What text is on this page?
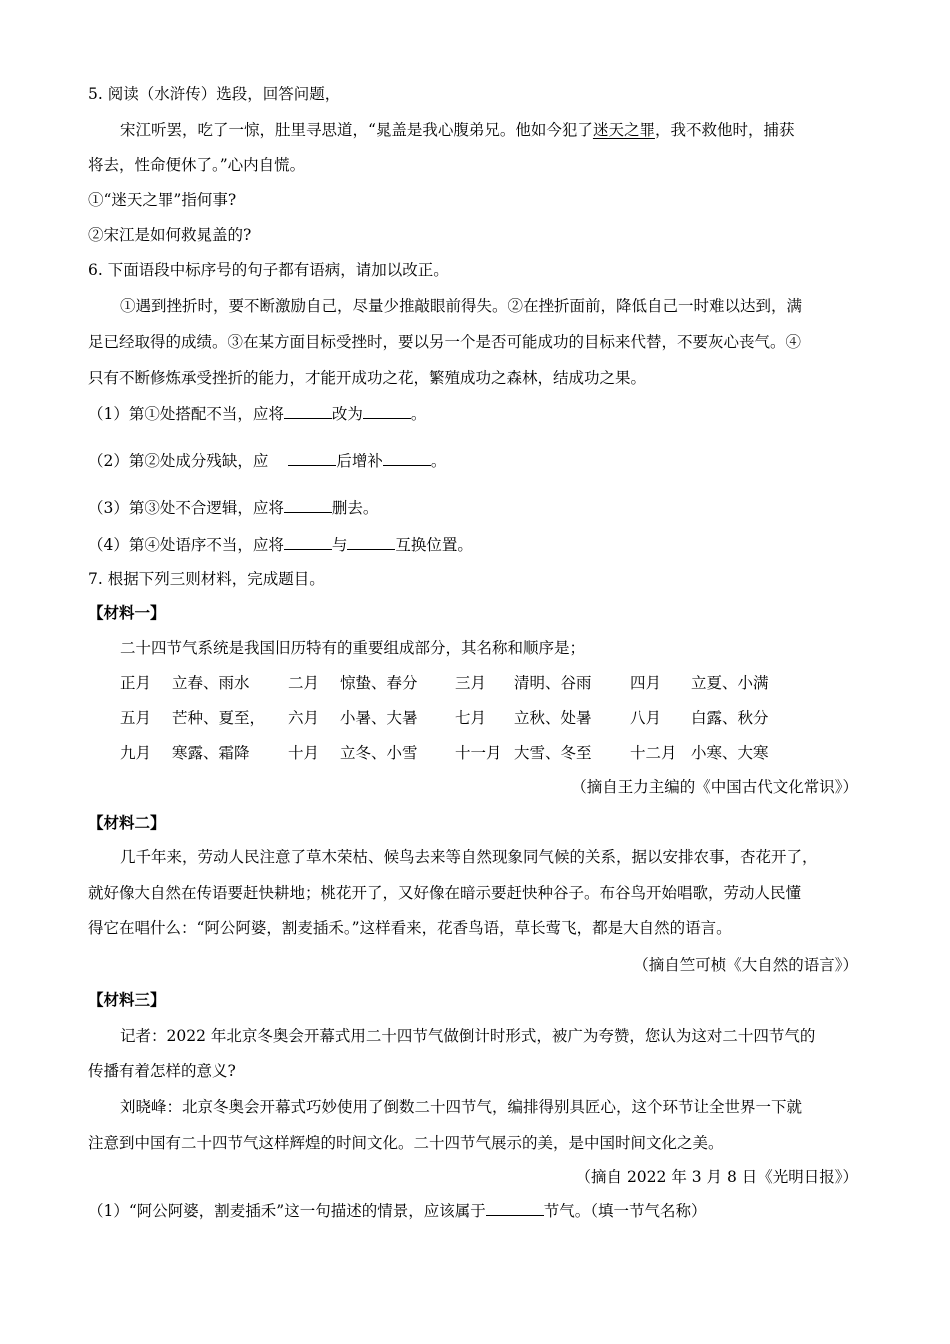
5. 阅读（水浒传）选段，回答问题，
宋江听罢，吃了一惊，肚里寻思道，“晁盖是我心腹弟兄。他如今犯了迷天之罪，我不救他时，捕获
将去，性命便休了。”心内自慌。
①“迷天之罪”指何事?
②宋江是如何救晁盖的?
6. 下面语段中标序号的句子都有语病，请加以改正。
①遇到挫折时，要不断激励自己，尽量少推敲眼前得失。②在挫折面前，降低自己一时难以达到，满
足已经取得的成绩。③在某方面目标受挫时，要以另一个是否可能成功的目标来代替，不要灰心丧气。④
只有不断修炼承受挫折的能力，才能开成功之花，繁殖成功之森林，结成功之果。
（1）第①处搭配不当，应将	改为	。
（2）第②处成分残缺，应	后增补	。
（3）第③处不合逻辑，应将	删去。
（4）第④处语序不当，应将	与	互换位置。
7. 根据下列三则材料，完成题目。
【材料一】
二十四节气系统是我国旧历特有的重要组成部分，其名称和顺序是；
正月 立春、雨水 二月 惊蛰、春分 三月 清明、谷雨 四月 立夏、小满
五月 芒种、夏至， 六月 小暑、大暑 七月 立秋、处暑 八月 白露、秋分
九月 寒露、霜降 十月 立冬、小雪 十一月 大雪、冬至 十二月 小寒、大寒
（摘自王力主编的《中国古代文化常识》）
【材料二】
几千年来，劳动人民注意了草木荣枯、候鸟去来等自然现象同气候的关系，据以安排农事，杏花开了，
就好像大自然在传语要赶快耕地；桃花开了，又好像在暗示要赶快种谷子。布谷鸟开始唱歌，劳动人民懂
得它在唱什么：“阿公阿婆，割麦插禾。”这样看来，花香鸟语，草长莺飞，都是大自然的语言。
（摘自竺可桢《大自然的语言》）
【材料三】
记者：2022 年北京冬奥会开幕式用二十四节气做倒计时形式，被广为夸赞，您认为这对二十四节气的
传播有着怎样的意义?
刘晓峰：北京冬奥会开幕式巧妙使用了倒数二十四节气，编排得别具匠心，这个环节让全世界一下就
注意到中国有二十四节气这样辉煌的时间文化。二十四节气展示的美，是中国时间文化之美。
（摘自 2022 年 3 月 8 日《光明日报》）
（1）“阿公阿婆，割麦插禾”这一句描述的情景，应该属于	节气。（填一节气名称）
